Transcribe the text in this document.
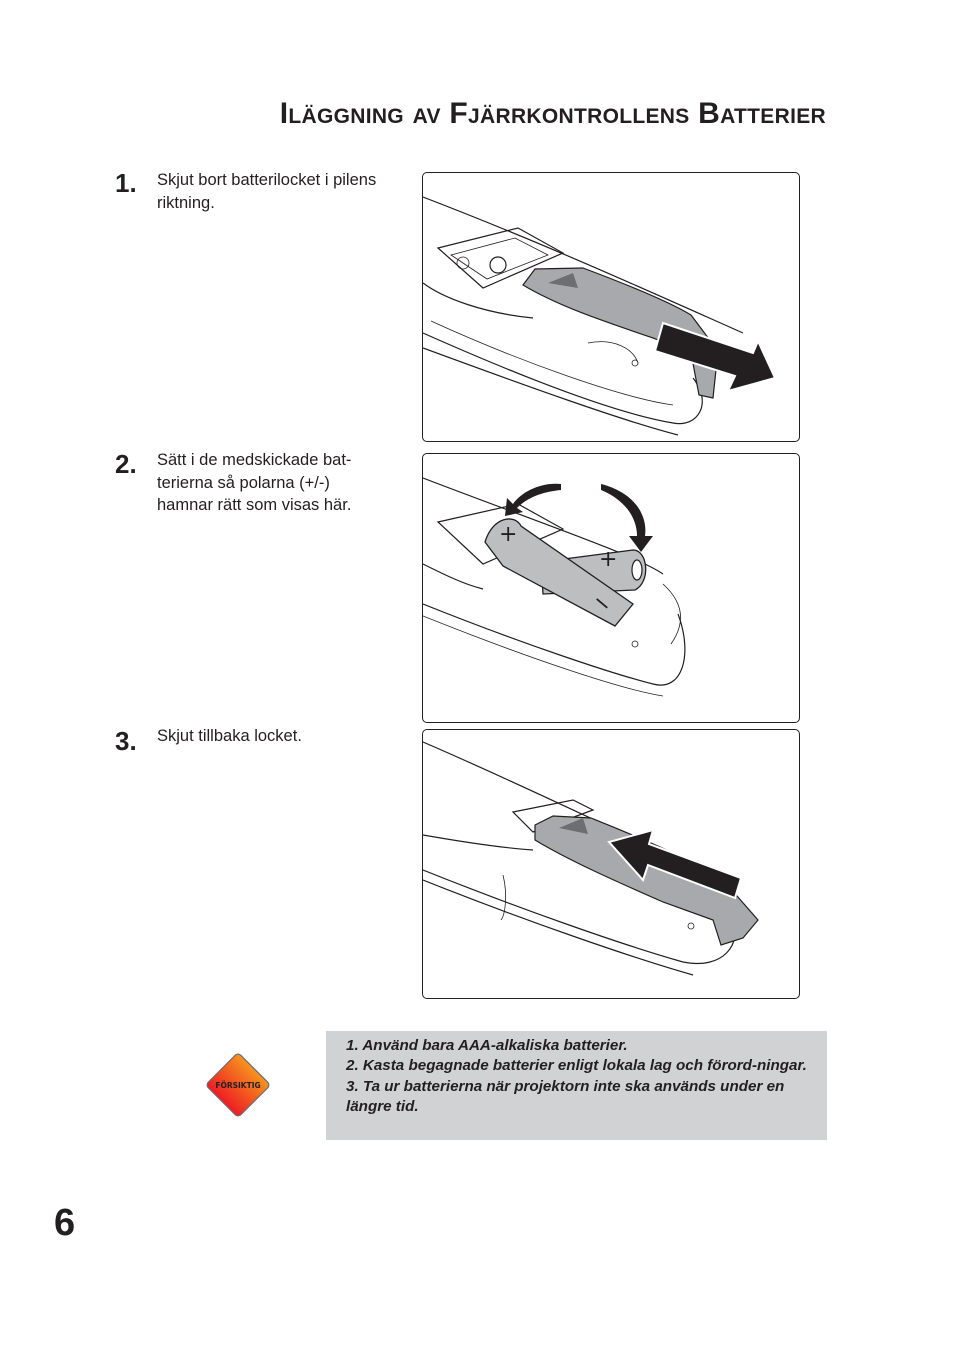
Iläggning av Fjärrkontrollens Batterier
1. Skjut bort batterilocket i pilens riktning.

2. Sätt i de medskickade bat-terierna så polarna (+/-) hamnar rätt som visas här.

3. Skjut tillbaka locket.

+
+
−
FÖRSIKTIG

1. Använd bara AAA-alkaliska batterier.

2. Kasta begagnade batterier enligt lokala lag och förord-ningar.

3. Ta ur batterierna när projektorn inte ska används under en längre tid.

6
